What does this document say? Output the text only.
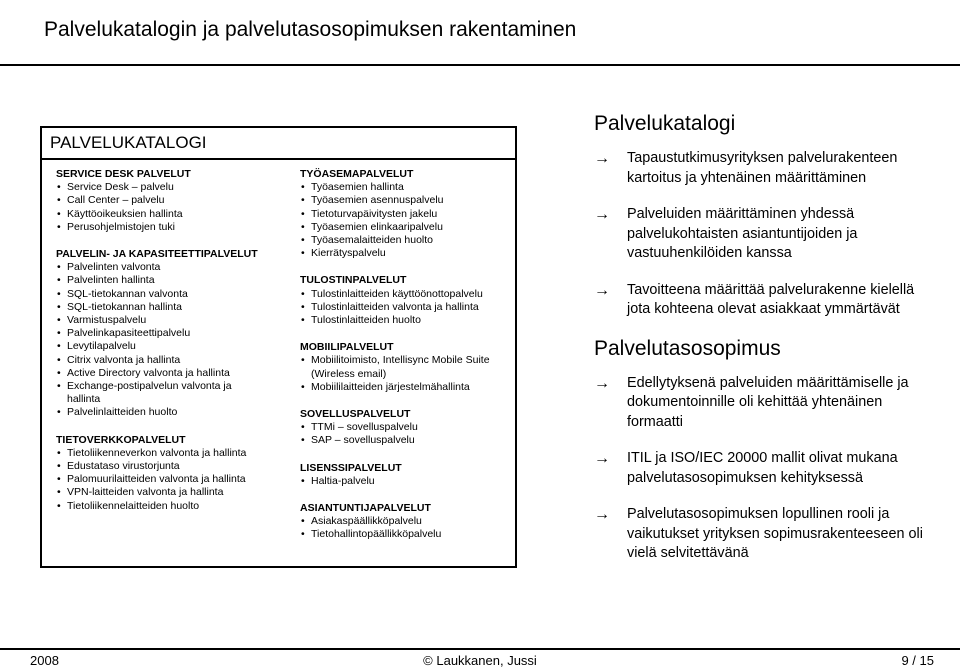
Palvelukatalogin ja palvelutasosopimuksen rakentaminen
PALVELUKATALOGI
SERVICE DESK PALVELUT
• Service Desk – palvelu
• Call Center – palvelu
• Käyttöoikeuksien hallinta
• Perusohjelmistojen tuki
PALVELIN- JA KAPASITEETTIPALVELUT
• Palvelinten valvonta
• Palvelinten hallinta
• SQL-tietokannan valvonta
• SQL-tietokannan hallinta
• Varmistuspalvelu
• Palvelinkapasiteettipalvelu
• Levytilapalvelu
• Citrix valvonta ja hallinta
• Active Directory valvonta ja hallinta
• Exchange-postipalvelun valvonta ja hallinta
• Palvelinlaitteiden huolto
TIETOVERKKOPALVELUT
• Tietoliikenneverkon valvonta ja hallinta
• Edustataso virustorjunta
• Palomuurilaitteiden valvonta ja hallinta
• VPN-laitteiden valvonta ja hallinta
• Tietoliikennelaitteiden huolto
TYÖASEMAPALVELUT
• Työasemien hallinta
• Työasemien asennuspalvelu
• Tietoturvapäivitysten jakelu
• Työasemien elinkaaripalvelu
• Työasemalaitteiden huolto
• Kierrätyspalvelu
TULOSTINPALVELUT
• Tulostinlaitteiden käyttöönottopalvelu
• Tulostinlaitteiden valvonta ja hallinta
• Tulostinlaitteiden huolto
MOBIILIPALVELUT
• Mobiilitoimisto, Intellisync Mobile Suite (Wireless email)
• Mobiililaitteiden järjestelmähallinta
SOVELLUSPALVELUT
• TTMi – sovelluspalvelu
• SAP – sovelluspalvelu
LISENSSIPALVELUT
• Haltia-palvelu
ASIANTUNTIJAPALVELUT
• Asiakaspäällikköpalvelu
• Tietohallintopäällikköpalvelu
Palvelukatalogi
→ Tapaustutkimusyrityksen palvelurakenteen kartoitus ja yhtenäinen määrittäminen
→ Palveluiden määrittäminen yhdessä palvelukohtaisten asiantuntijoiden ja vastuuhenkilöiden kanssa
→ Tavoitteena määrittää palvelurakenne kielellä jota kohteena olevat asiakkaat ymmärtävät
Palvelutasosopimus
→ Edellytyksenä palveluiden määrittämiselle ja dokumentoinnille oli kehittää yhtenäinen formaatti
→ ITIL ja ISO/IEC 20000 mallit olivat mukana palvelutasosopimuksen kehityksessä
→ Palvelutasosopimuksen lopullinen rooli ja vaikutukset yrityksen sopimusrakenteeseen oli vielä selvitettävänä
2008	© Laukkanen, Jussi	9 / 15
